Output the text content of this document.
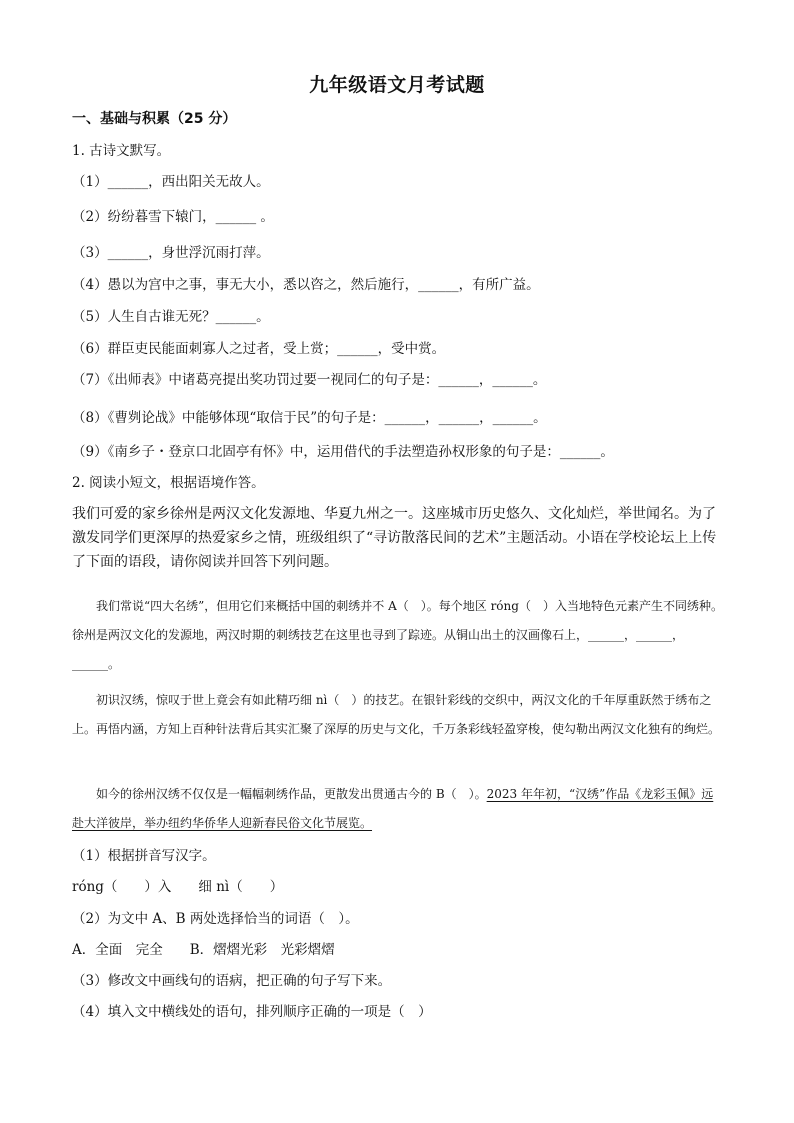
九年级语文月考试题
一、基础与积累（25 分）
1. 古诗文默写。
（1）______，西出阳关无故人。
（2）纷纷暮雪下辕门，______ 。
（3）______，身世浮沉雨打萍。
（4）愚以为宫中之事，事无大小，悉以咨之，然后施行，______，有所广益。
（5）人生自古谁无死？______。
（6）群臣吏民能面刺寡人之过者，受上赏；______，受中赏。
（7）《出师表》中诸葛亮提出奖功罚过要一视同仁的句子是：______，______。
（8）《曹刿论战》中能够体现“取信于民”的句子是：______，______，______。
（9）《南乡子・登京口北固亭有怀》中，运用借代的手法塑造孙权形象的句子是：______。
2. 阅读小短文，根据语境作答。
我们可爱的家乡徐州是两汉文化发源地、华夏九州之一。这座城市历史悠久、文化灿烂，举世闻名。为了激发同学们更深厚的热爱家乡之情，班级组织了“寻访散落民间的艺术”主题活动。小语在学校论坛上上传了下面的语段，请你阅读并回答下列问题。
我们常说“四大名绣”，但用它们来概括中国的刺绣并不 A（　）。每个地区 róng（　）入当地特色元素产生不同绣种。徐州是两汉文化的发源地，两汉时期的刺绣技艺在这里也寻到了踪迹。从铜山出土的汉画像石上，______，______，______。
初识汉绣，惊叹于世上竟会有如此精巧细 nì（　）的技艺。在银针彩线的交织中，两汉文化的千年厚重跃然于绣布之上。再悟内涵，方知上百种针法背后其实汇聚了深厚的历史与文化，千万条彩线轻盈穿梭，使勾勒出两汉文化独有的绚烂。
如今的徐州汉绣不仅仅是一幅幅刺绣作品，更散发出贯通古今的 B（　）。2023 年年初，“汉绣”作品《龙彩玉佩》远赴大洋彼岸，举办纽约华侨华人迎新春民俗文化节展览。
（1）根据拼音写汉字。
róng（　　）入　　细 nì（　　）
（2）为文中 A、B 两处选择恰当的词语（　）。
A．全面　完全　　B．熠熠光彩　光彩熠熠
（3）修改文中画线句的语病，把正确的句子写下来。
（4）填入文中横线处的语句，排列顺序正确的一项是（　）
